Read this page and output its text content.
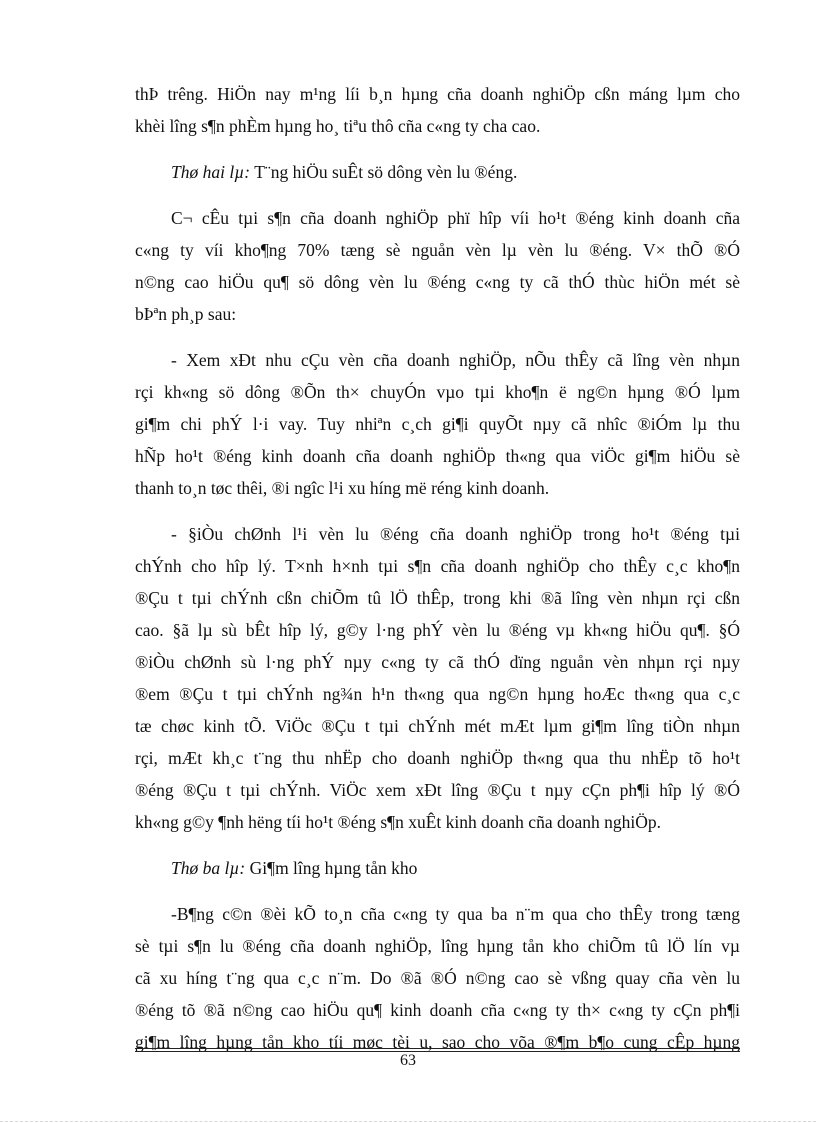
thÞ trêng. HiÖn nay m¹ng líi b¸n hµng cña doanh nghiÖp cßn máng lµm cho
khèi lîng s¶n phÈm hµng ho¸ tiªu thô cña c«ng ty cha cao.
Thø hai lµ: T¨ng hiÖu suÊt sö dông vèn lu ®éng.
C¬ cÊu tµi s¶n cña doanh nghiÖp phï hîp víi ho¹t ®éng kinh doanh cña
c«ng ty víi kho¶ng 70% tæng sè nguån vèn lµ vèn lu ®éng. V× thÕ ®Ó
n©ng cao hiÖu qu¶ sö dông vèn lu ®éng c«ng ty cã thÓ thùc hiÖn mét sè
bÞªn ph¸p sau:
- Xem xÐt nhu cÇu vèn cña doanh nghiÖp, nÕu thÊy cã lîng vèn nhµn
rçi kh«ng sö dông ®Õn th× chuyÓn vµo tµi kho¶n ë ng©n hµng ®Ó lµm
gi¶m chi phÝ l·i vay. Tuy nhiªn c¸ch gi¶i quyÕt nµy cã nhîc ®iÓm lµ thu
hÑp ho¹t ®éng kinh doanh cña doanh nghiÖp th«ng qua viÖc gi¶m hiÖu sè
thanh to¸n tøc thêi, ®i ngîc l¹i xu híng më réng kinh doanh.
- §iÒu chØnh l¹i vèn lu ®éng cña doanh nghiÖp trong ho¹t ®éng tµi
chÝnh cho hîp lý. T×nh h×nh tµi s¶n cña doanh nghiÖp cho thÊy c¸c kho¶n
®Çu t tµi chÝnh cßn chiÕm tû lÖ thÊp, trong khi ®ã lîng vèn nhµn rçi cßn
cao. §ã lµ sù bÊt hîp lý, g©y l·ng phÝ vèn lu ®éng vµ kh«ng hiÖu qu¶. §Ó
®iÒu chØnh sù l·ng phÝ nµy c«ng ty cã thÓ dïng nguån vèn nhµn rçi nµy
®em ®Çu t tµi chÝnh ng¾n h¹n th«ng qua ng©n hµng hoÆc th«ng qua c¸c
tæ chøc kinh tÕ. ViÖc ®Çu t tµi chÝnh mét mÆt lµm gi¶m lîng tiÒn nhµn
rçi, mÆt kh¸c t¨ng thu nhËp cho doanh nghiÖp th«ng qua thu nhËp tõ ho¹t
®éng ®Çu t tµi chÝnh. ViÖc xem xÐt lîng ®Çu t nµy cÇn ph¶i hîp lý ®Ó
kh«ng g©y ¶nh hëng tíi ho¹t ®éng s¶n xuÊt kinh doanh cña doanh nghiÖp.
Thø ba lµ: Gi¶m lîng hµng tån kho
-B¶ng c©n ®èi kÕ to¸n cña c«ng ty qua ba n¨m qua cho thÊy trong tæng
sè tµi s¶n lu ®éng cña doanh nghiÖp, lîng hµng tån kho chiÕm tû lÖ lín vµ
cã xu híng t¨ng qua c¸c n¨m. Do ®ã ®Ó n©ng cao sè vßng quay cña vèn lu
®éng tõ ®ã n©ng cao hiÖu qu¶ kinh doanh cña c«ng ty th× c«ng ty cÇn ph¶i
gi¶m lîng hµng tån kho tíi møc tèi u, sao cho võa ®¶m b¶o cung cÊp hµng
63
